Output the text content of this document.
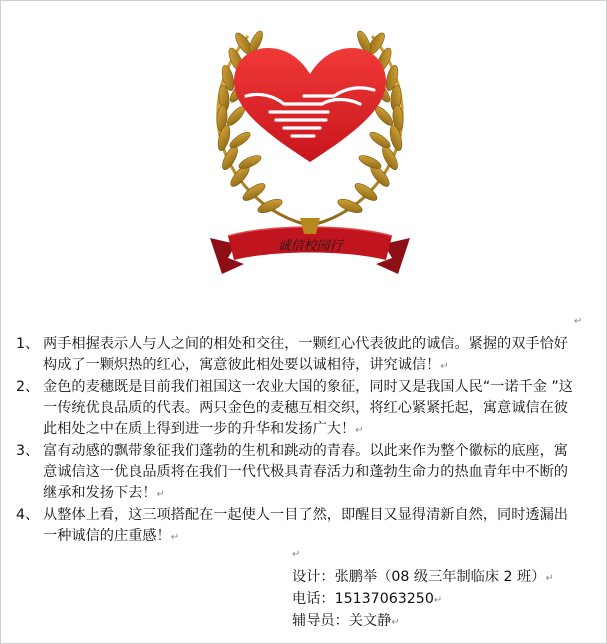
诚信校园行
↵
1、 两手相握表示人与人之间的相处和交往，一颗红心代表彼此的诚信。紧握的双手恰好构成了一颗炽热的红心，寓意彼此相处要以诚相待，讲究诚信！↵
2、 金色的麦穗既是目前我们祖国这一农业大国的象征，同时又是我国人民“一诺千金 ”这一传统优良品质的代表。两只金色的麦穗互相交织，将红心紧紧托起，寓意诚信在彼此相处之中在质上得到进一步的升华和发扬广大！↵
3、 富有动感的飘带象征我们蓬勃的生机和跳动的青春。以此来作为整个徽标的底座，寓意诚信这一优良品质将在我们一代代极具青春活力和蓬勃生命力的热血青年中不断的继承和发扬下去！↵
4、 从整体上看，这三项搭配在一起使人一目了然，即醒目又显得清新自然，同时透漏出一种诚信的庄重感！↵
↵
设计：张鹏举（08 级三年制临床 2 班）↵
电话：15137063250↵
辅导员：关文静↵
